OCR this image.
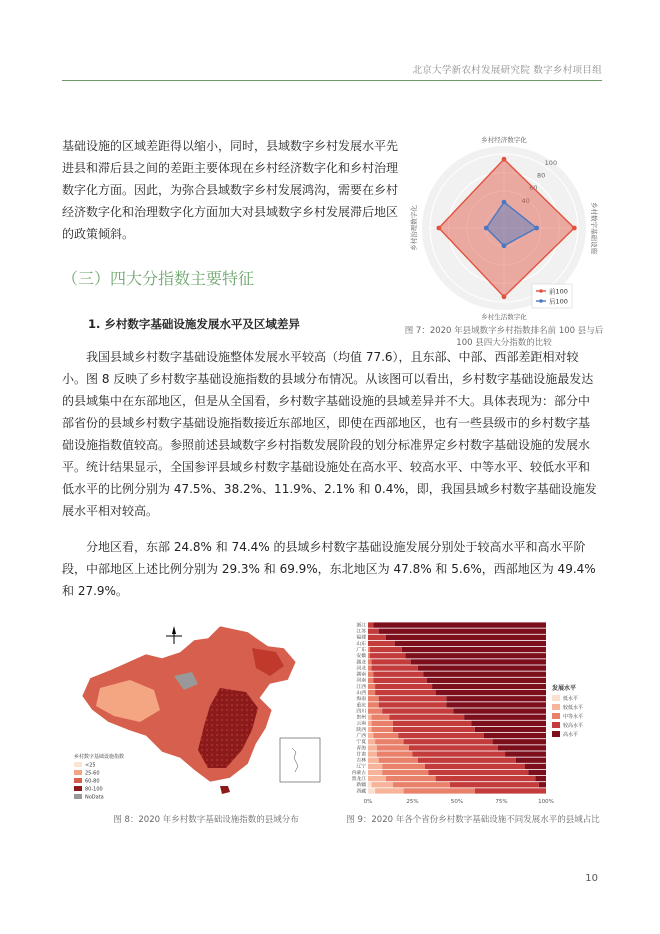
北京大学新农村发展研究院 数字乡村项目组

基础设施的区域差距得以缩小，同时，县域数字乡村发展水平先进县和滞后县之间的差距主要体现在乡村经济数字化和乡村治理数字化方面。因此，为弥合县域数字乡村发展鸿沟，需要在乡村经济数字化和治理数字化方面加大对县域数字乡村发展滞后地区的政策倾斜。

40
60
80
100
乡村经济数字化
乡村数字基础设施
乡村生活数字化
乡村治理数字化
前100
后100
图 7：2020 年县域数字乡村指数排名前 100 县与后 100 县四大分指数的比较
（三）四大分指数主要特征
1. 乡村数字基础设施发展水平及区域差异

我国县域乡村数字基础设施整体发展水平较高（均值 77.6），且东部、中部、西部差距相对较小。图 8 反映了乡村数字基础设施指数的县域分布情况。从该图可以看出，乡村数字基础设施最发达的县域集中在东部地区，但是从全国看，乡村数字基础设施的县域差异并不大。具体表现为：部分中部省份的县域乡村数字基础设施指数接近东部地区，即使在西部地区，也有一些县级市的乡村数字基础设施指数值较高。参照前述县域数字乡村指数发展阶段的划分标准界定乡村数字基础设施的发展水平。统计结果显示，全国参评县域乡村数字基础设施处在高水平、较高水平、中等水平、较低水平和低水平的比例分别为 47.5%、38.2%、11.9%、2.1% 和 0.4%，即，我国县域乡村数字基础设施发展水平相对较高。

分地区看，东部 24.8% 和 74.4% 的县域乡村数字基础设施发展分别处于较高水平和高水平阶段，中部地区上述比例分别为 29.3% 和 69.9%，东北地区为 47.8% 和 5.6%，西部地区为 49.4% 和 27.9%。

乡村数字基础设施指数
<25
25-60
60-80
80-100
NoData
图 8：2020 年乡村数字基础设施指数的县域分布
0%	25%	50%	75%	100%
浙江
江苏
福建
山东
广东
安徽
湖北
河北
湖南
河南
江西
山西
海南
重庆
四川
贵州
云南
陕西
广西
宁夏
青海
甘肃
吉林
辽宁
内蒙古
黑龙江
新疆
西藏
发展水平
低水平
较低水平
中等水平
较高水平
高水平
图 9：2020 年各个省份乡村数字基础设施不同发展水平的县域占比
10
